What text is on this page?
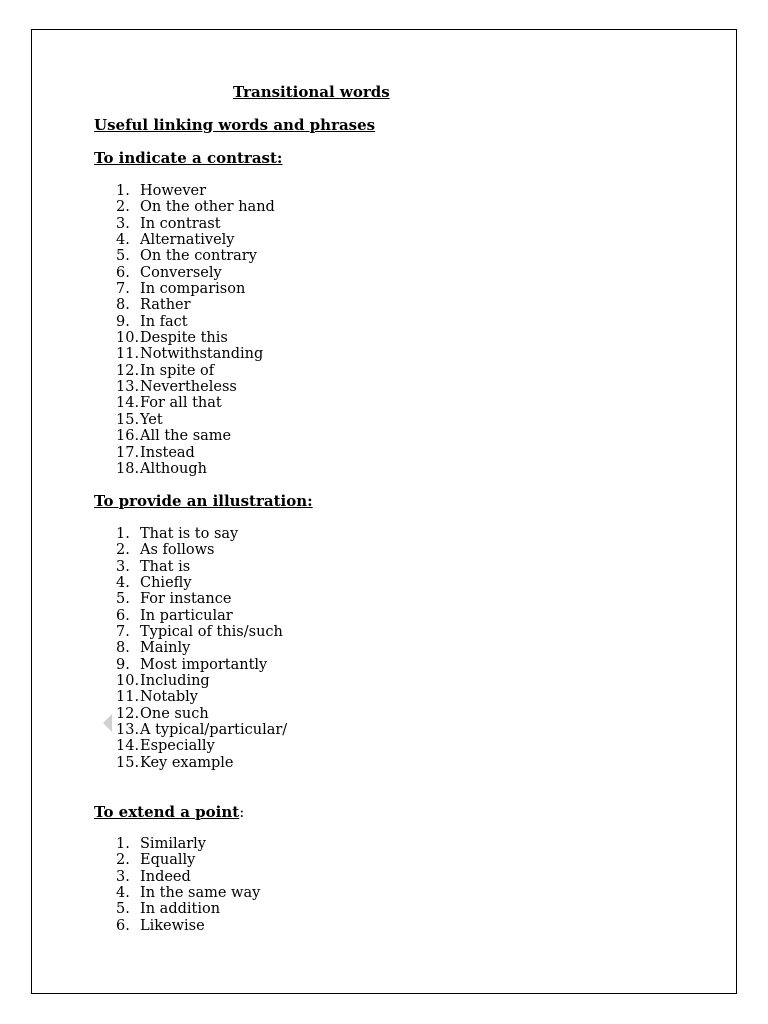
Transitional words
Useful linking words and phrases
To indicate a contrast:
1. However
2. On the other hand
3. In contrast
4. Alternatively
5. On the contrary
6. Conversely
7. In comparison
8. Rather
9. In fact
10.Despite this
11.Notwithstanding
12.In spite of
13.Nevertheless
14.For all that
15.Yet
16.All the same
17.Instead
18.Although
To provide an illustration:
1. That is to say
2. As follows
3. That is
4. Chiefly
5. For instance
6. In particular
7. Typical of this/such
8. Mainly
9. Most importantly
10.Including
11.Notably
12.One such
13.A typical/particular/
14.Especially
15.Key example
To extend a point:
1. Similarly
2. Equally
3. Indeed
4. In the same way
5. In addition
6. Likewise
